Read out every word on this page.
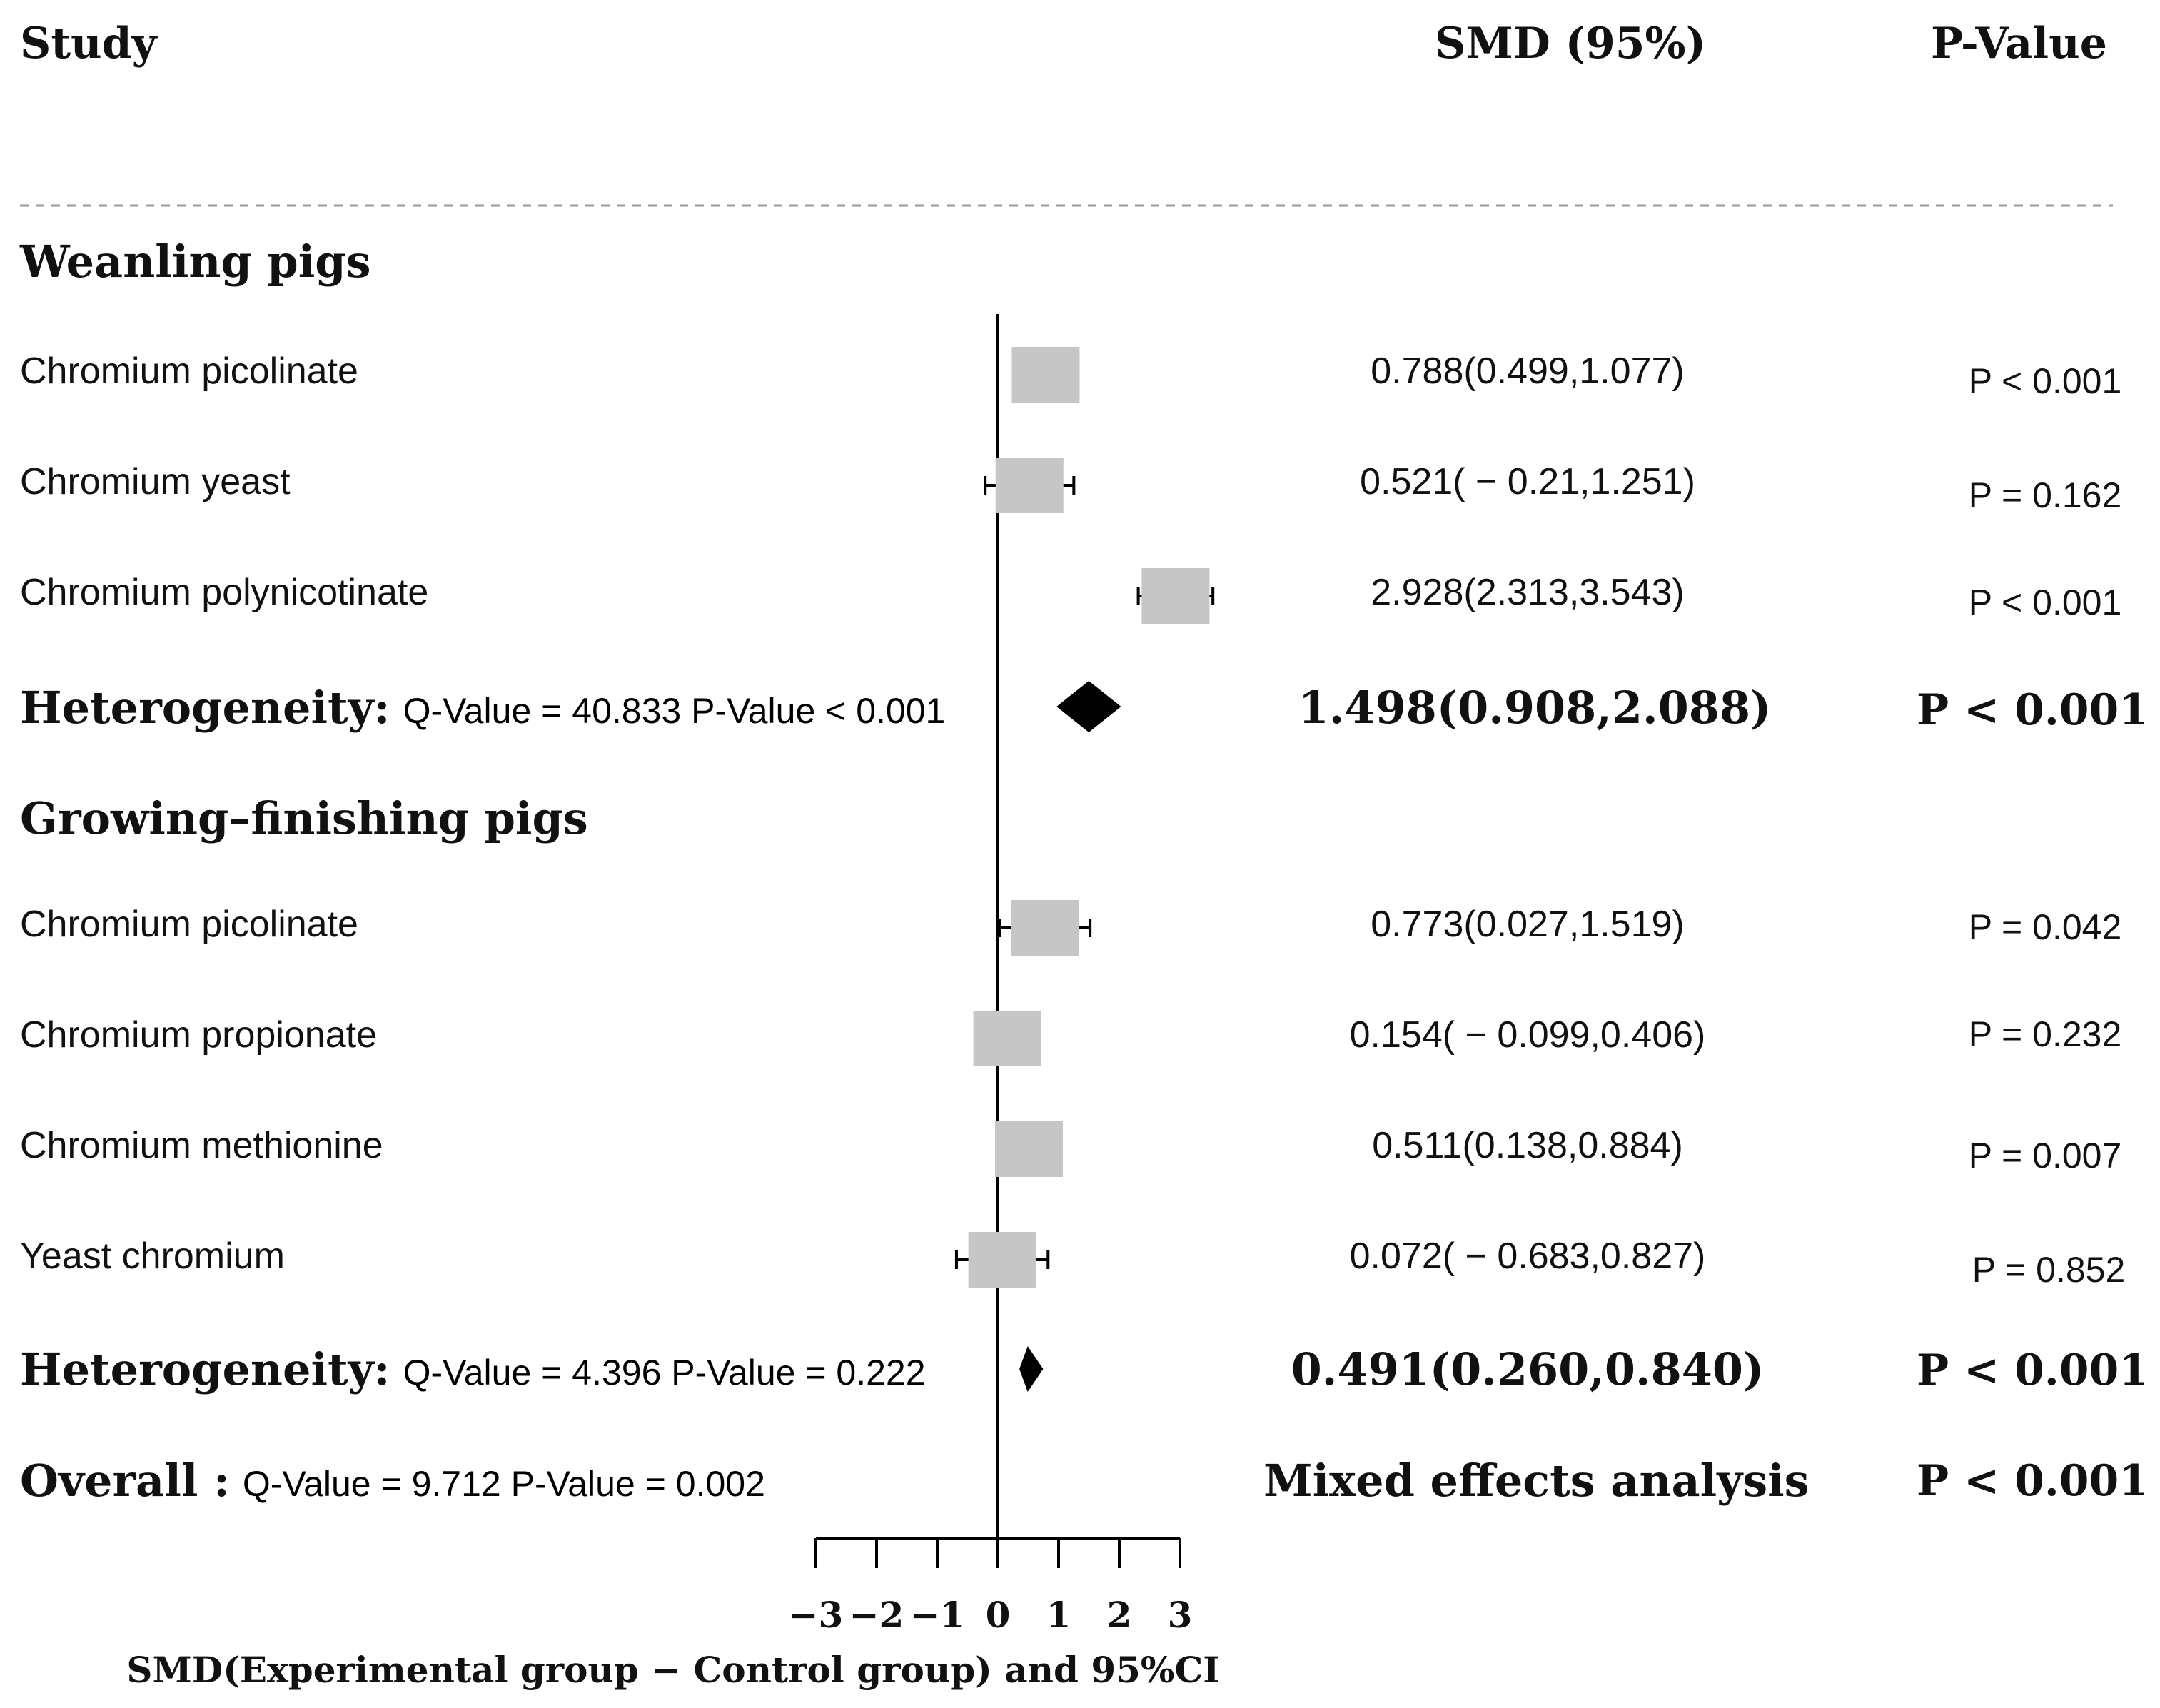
Study	SMD (95%)	P-Value
Weanling pigs
Chromium picolinate	0.788(0.499,1.077)	P < 0.001
Chromium yeast	0.521( − 0.21,1.251)	P = 0.162
Chromium polynicotinate	2.928(2.313,3.543)	P < 0.001
Heterogeneity: Q-Value = 40.833 P-Value < 0.001	1.498(0.908,2.088)	P < 0.001
Growing–finishing pigs
Chromium picolinate	0.773(0.027,1.519)	P = 0.042
Chromium propionate	0.154( − 0.099,0.406)	P = 0.232
Chromium methionine	0.511(0.138,0.884)	P = 0.007
Yeast chromium	0.072( − 0.683,0.827)	P = 0.852
Heterogeneity: Q-Value = 4.396 P-Value = 0.222	0.491(0.260,0.840)	P < 0.001
Overall : Q-Value = 9.712 P-Value = 0.002	Mixed effects analysis	P < 0.001
−3 −2 −1 0 1 2 3
SMD(Experimental group − Control group) and 95%CI
